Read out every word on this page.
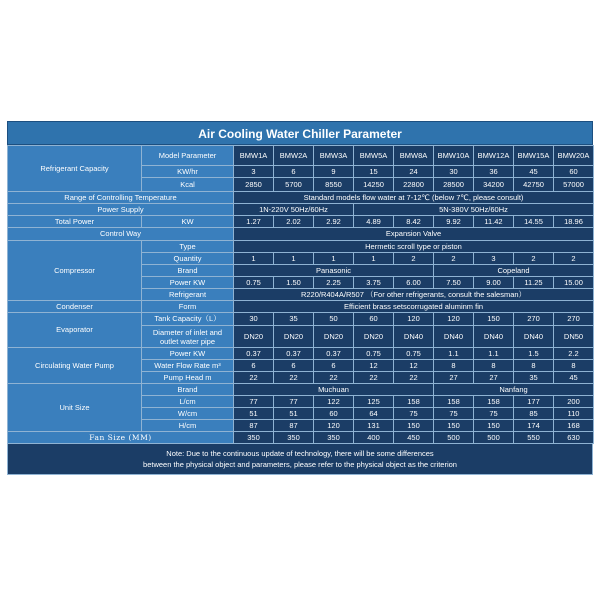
Air Cooling Water Chiller Parameter
Refrigerant Capacity	Model Parameter	BMW1A	BMW2A	BMW3A	BMW5A	BMW8A	BMW10A	BMW12A	BMW15A	BMW20A
	KW/hr	3	6	9	15	24	30	36	45	60
	Kcal	2850	5700	8550	14250	22800	28500	34200	42750	57000
Range of Controlling Temperature		Standard models flow water at 7-12℃ (below 7℃, please consult)								
Power Supply		1N-220V 50Hz/60Hz			5N-380V 50Hz/60Hz					
Total Power	KW	1.27	2.02	2.92	4.89	8.42	9.92	11.42	14.55	18.96
Control Way		Expansion Valve								
Compressor	Type	Hermetic scroll type or piston								
	Quantity	1	1	1	1	2	2	3	2	2
	Brand	Panasonic					Copeland			
	Power KW	0.75	1.50	2.25	3.75	6.00	7.50	9.00	11.25	15.00
	Refrigerant	R220/R404A/R507 （For other refrigerants, consult the salesman）								
Condenser	Form	Efficient brass setscorrugated aluminm fin								
Evaporator	Tank Capacity（L）	30	35	50	60	120	120	150	270	270
	Diameter of inlet and outlet water pipe	DN20	DN20	DN20	DN20	DN40	DN40	DN40	DN40	DN50
Circulating Water Pump	Power KW	0.37	0.37	0.37	0.75	0.75	1.1	1.1	1.5	2.2
	Water Flow Rate m³	6	6	6	12	12	8	8	8	8
	Pump Head m	22	22	22	22	22	27	27	35	45
Unit Size	Brand	Muchuan					Nanfang			
	L/cm	77	77	122	125	158	158	158	177	200
	W/cm	51	51	60	64	75	75	75	85	110
	H/cm	87	87	120	131	150	150	150	174	168
Fan Size (MM)		350	350	350	400	450	500	500	550	630
Note: Due to the continuous update of technology, there will be some differences
between the physical object and parameters, please refer to the physical object as the criterion
